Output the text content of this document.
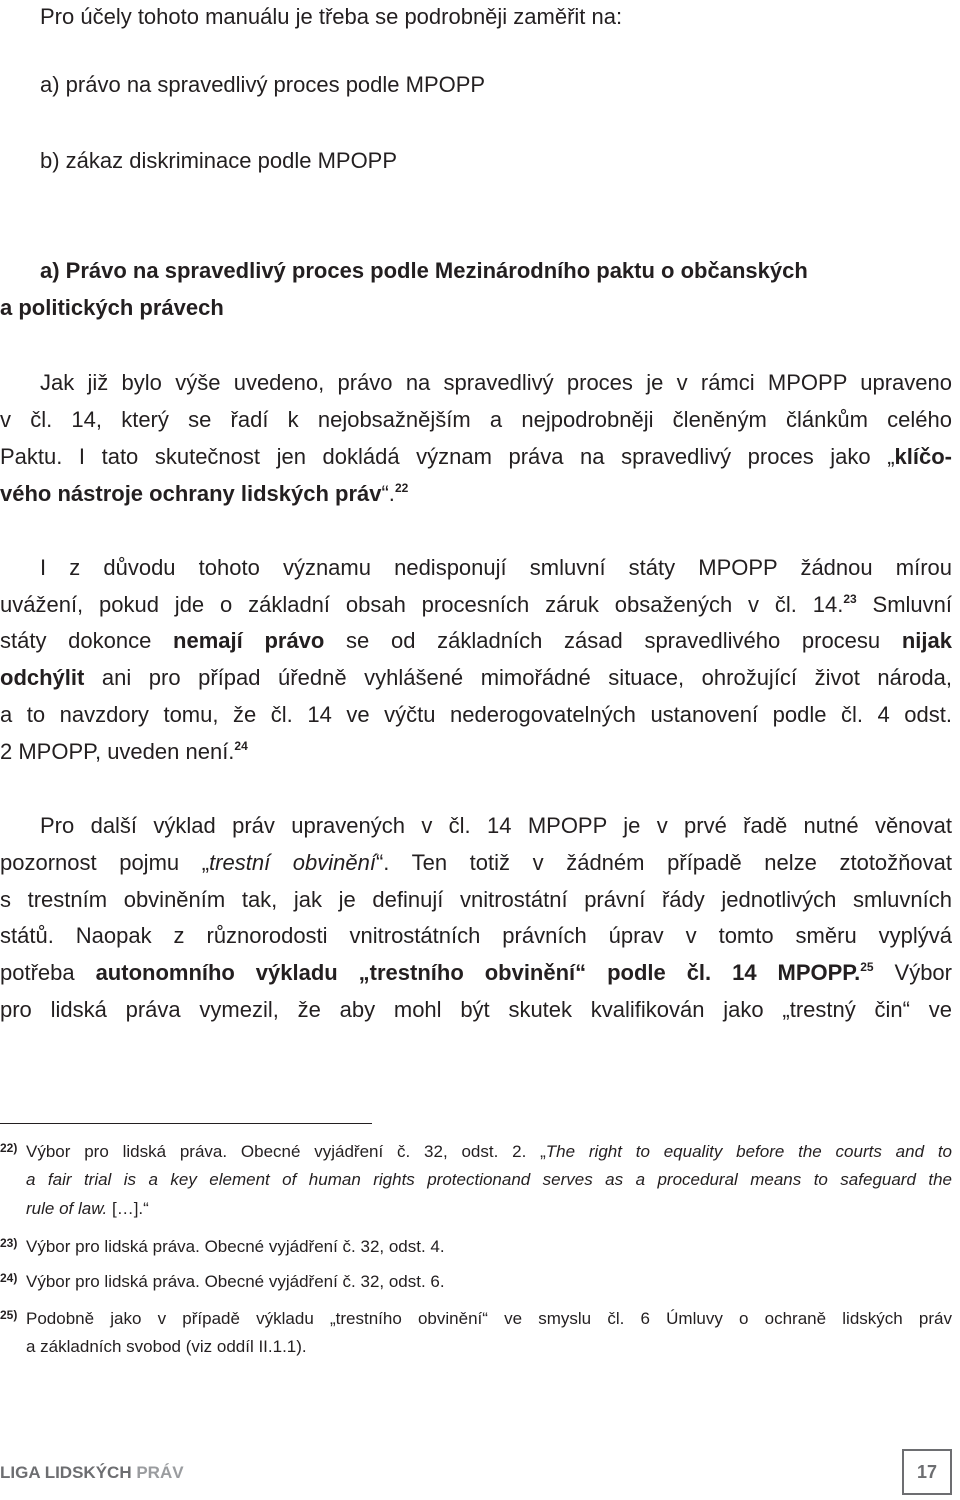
Pro účely tohoto manuálu je třeba se podrobněji zaměřit na:
a) právo na spravedlivý proces podle MPOPP
b) zákaz diskriminace podle MPOPP
a) Právo na spravedlivý proces podle Mezinárodního paktu o občanských
a politických právech
Jak již bylo výše uvedeno, právo na spravedlivý proces je v rámci MPOPP upraveno
v čl. 14, který se řadí k nejobsažnějším a nejpodrobněji členěným článkům celého
Paktu. I tato skutečnost jen dokládá význam práva na spravedlivý proces jako „klíčo-
vého nástroje ochrany lidských práv“.$^{22}$
I z důvodu tohoto významu nedisponují smluvní státy MPOPP žádnou mírou
uvážení, pokud jde o základní obsah procesních záruk obsažených v čl. 14.23 Smluvní
státy dokonce nemají právo se od základních zásad spravedlivého procesu nijak
odchýlit ani pro případ úředně vyhlášené mimořádné situace, ohrožující život národa,
a to navzdory tomu, že čl. 14 ve výčtu nederogovatelných ustanovení podle čl. 4 odst.
2 MPOPP, uveden není.$^{24}$
Pro další výklad práv upravených v čl. 14 MPOPP je v prvé řadě nutné věnovat
pozornost pojmu „trestní obvinění“. Ten totiž v žádném případě nelze ztotožňovat
s trestním obviněním tak, jak je definují vnitrostátní právní řády jednotlivých smluvních
států. Naopak z různorodosti vnitrostátních právních úprav v tomto směru vyplývá
potřeba autonomního výkladu „trestního obvinění“ podle čl. 14 MPOPP.$^{25}$ Výbor
pro lidská práva vymezil, že aby mohl být skutek kvalifikován jako „trestný čin“ ve
22) Výbor pro lidská práva. Obecné vyjádření č. 32, odst. 2. „The right to equality before the courts and to
a fair trial is a key element of human rights protectionand serves as a procedural means to safeguard the
rule of law. […].“
23) Výbor pro lidská práva. Obecné vyjádření č. 32, odst. 4.
24) Výbor pro lidská práva. Obecné vyjádření č. 32, odst. 6.
25) Podobně jako v případě výkladu „trestního obvinění“ ve smyslu čl. 6 Úmluvy o ochraně lidských práv
a základních svobod (viz oddíl II.1.1).
LIGA LIDSKÝCH PRÁV	17
